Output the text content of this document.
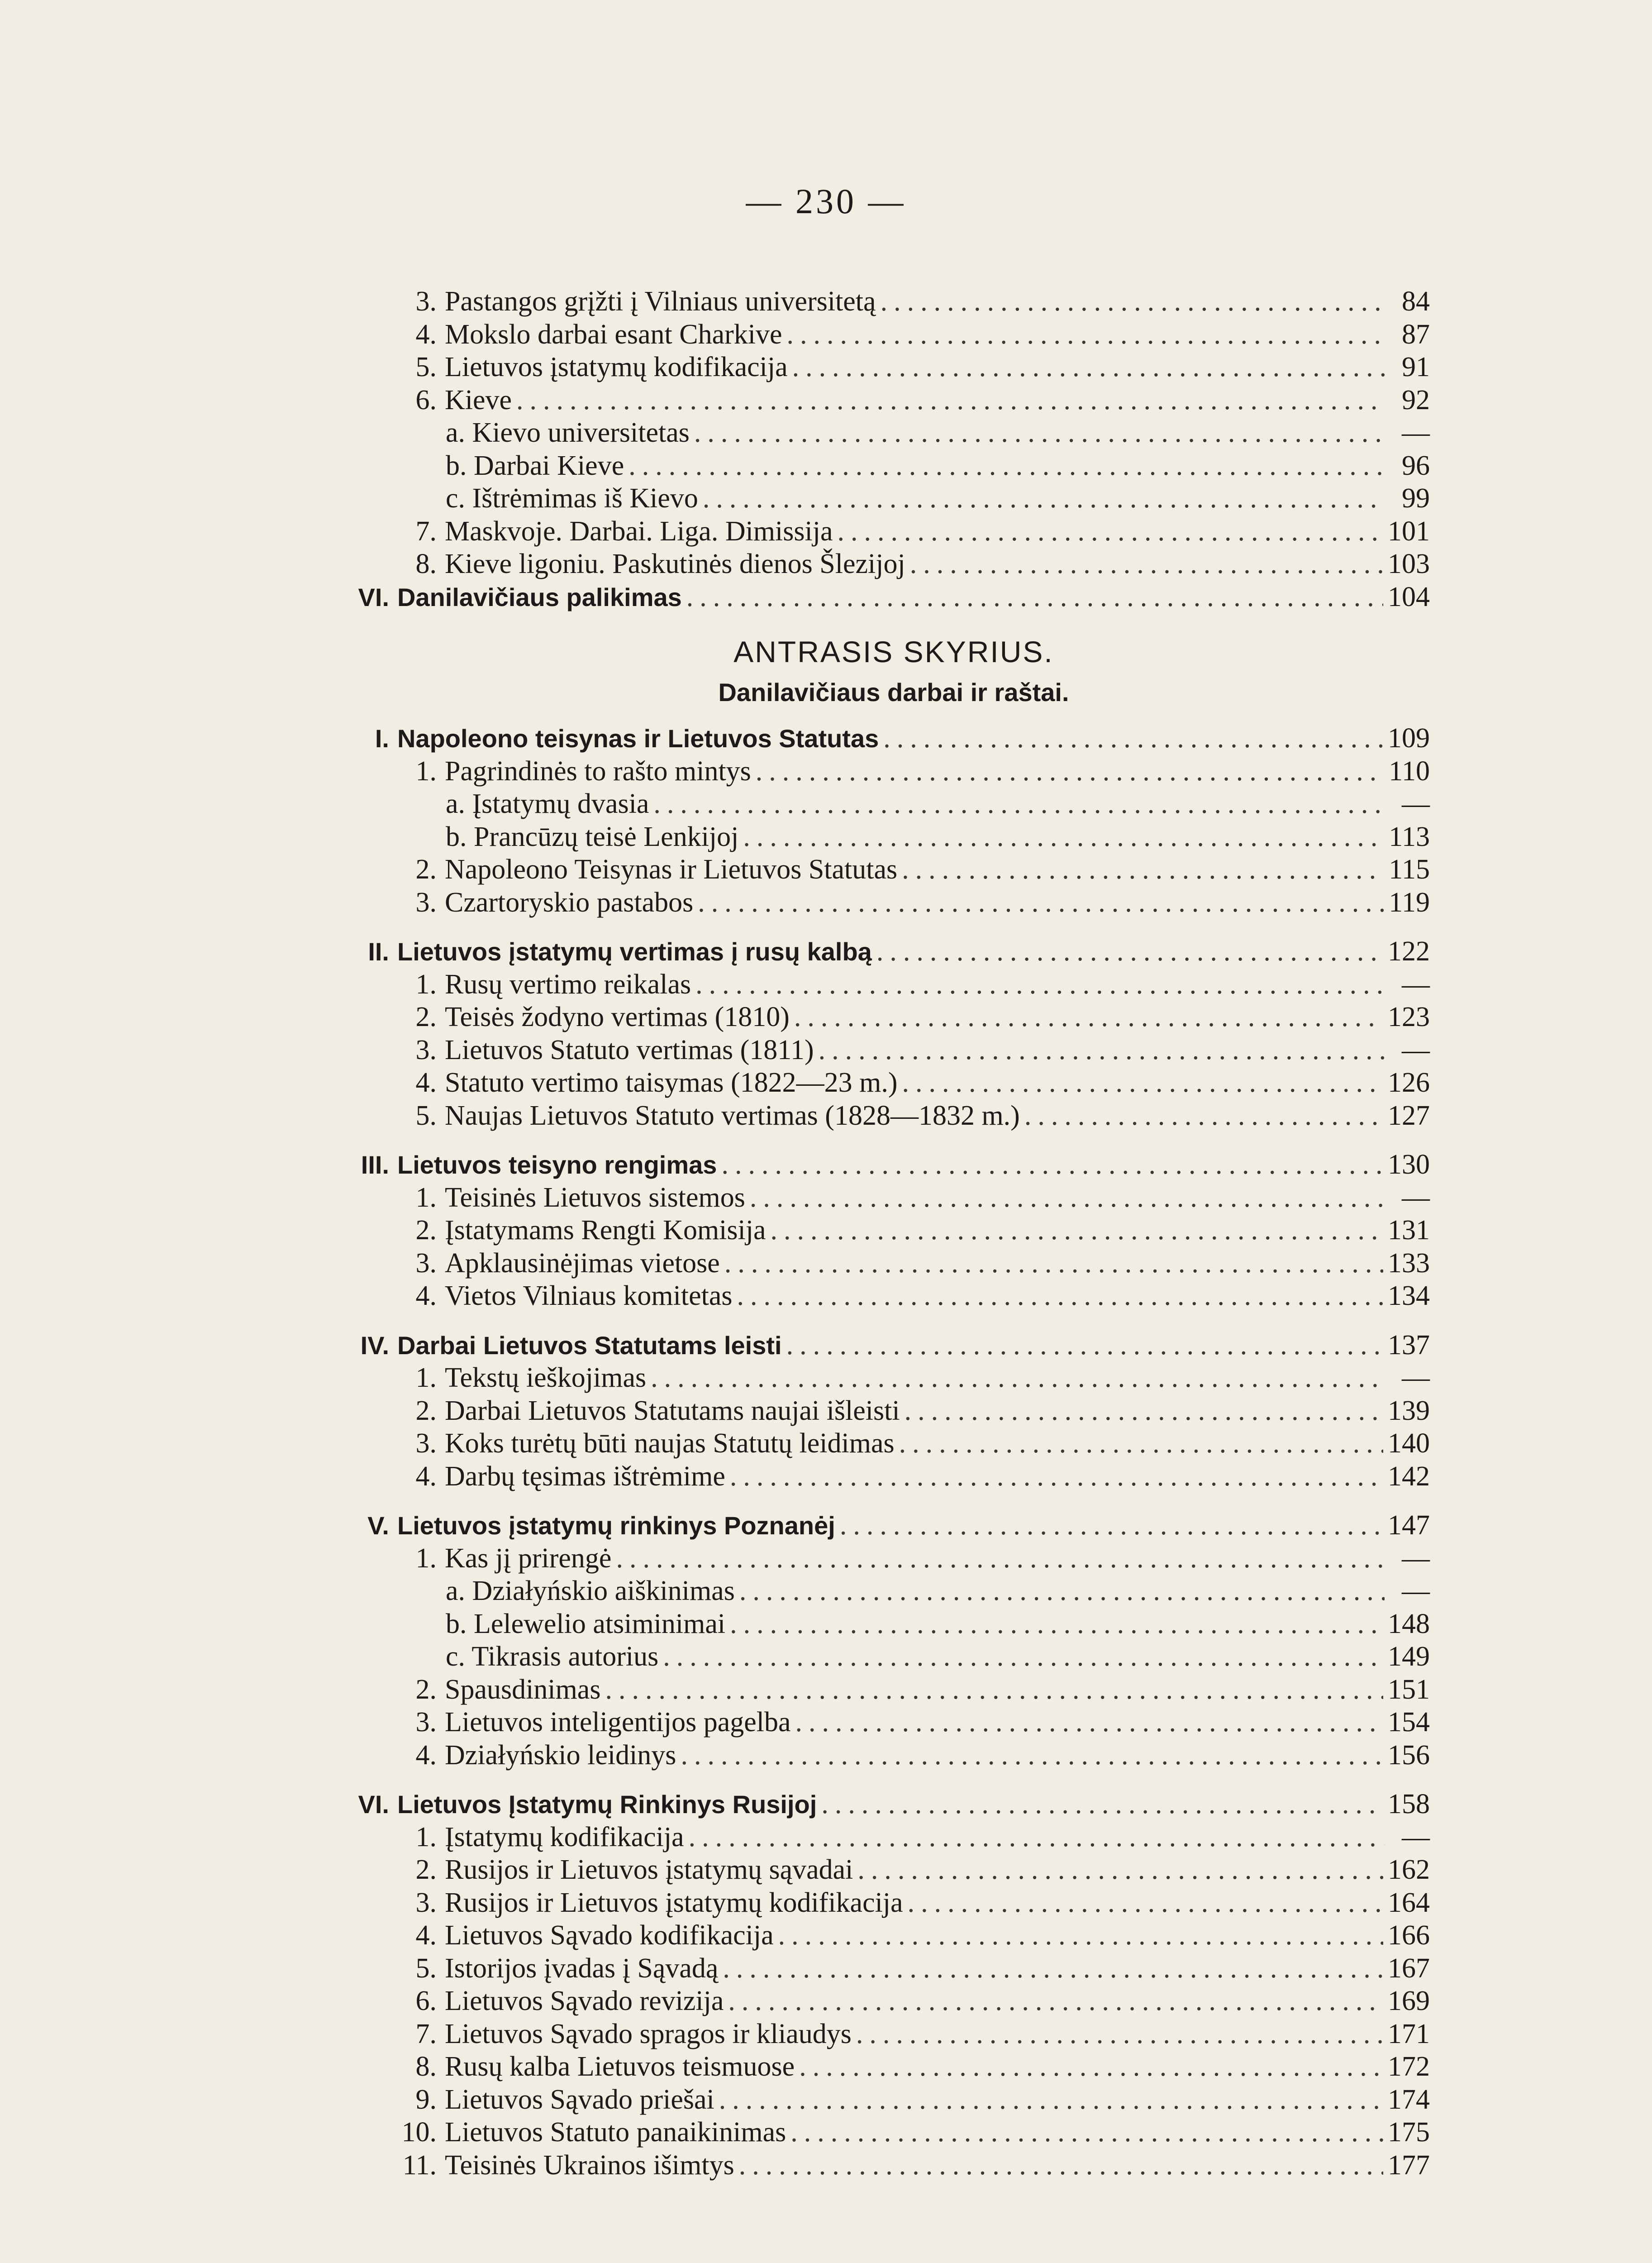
— 230 —
3. Pastangos grįžti į Vilniaus universitetą .....	84
4. Mokslo darbai esant Charkive .....	87
5. Lietuvos įstatymų kodifikacija .....	91
6. Kieve .....	92
a. Kievo universitetas .....	—
b. Darbai Kieve .....	96
c. Ištrėmimas iš Kievo .....	99
7. Maskvoje. Darbai. Liga. Dimissija .....	101
8. Kieve ligoniu. Paskutinės dienos Šlezijoj .....	103
VI. Danilavičiaus palikimas .....	104
ANTRASIS SKYRIUS.
Danilavičiaus darbai ir raštai.
I. Napoleono teisynas ir Lietuvos Statutas .....	109
1. Pagrindinės to rašto mintys .....	110
a. Įstatymų dvasia .....	—
b. Prancūzų teisė Lenkijoj .....	113
2. Napoleono Teisynas ir Lietuvos Statutas .....	115
3. Czartoryskio pastabos .....	119
II. Lietuvos įstatymų vertimas į rusų kalbą .....	122
1. Rusų vertimo reikalas .....	—
2. Teisės žodyno vertimas (1810) .....	123
3. Lietuvos Statuto vertimas (1811) .....	—
4. Statuto vertimo taisymas (1822—23 m.) .....	126
5. Naujas Lietuvos Statuto vertimas (1828—1832 m.) .....	127
III. Lietuvos teisyno rengimas .....	130
1. Teisinės Lietuvos sistemos .....	—
2. Įstatymams Rengti Komisija .....	131
3. Apklausinėjimas vietose .....	133
4. Vietos Vilniaus komitetas .....	134
IV. Darbai Lietuvos Statutams leisti .....	137
1. Tekstų ieškojimas .....	—
2. Darbai Lietuvos Statutams naujai išleisti .....	139
3. Koks turėtų būti naujas Statutų leidimas .....	140
4. Darbų tęsimas ištrėmime .....	142
V. Lietuvos įstatymų rinkinys Poznanėj .....	147
1. Kas jį prirengė .....	—
a. Działyńskio aiškinimas .....	—
b. Lelewelio atsiminimai .....	148
c. Tikrasis autorius .....	149
2. Spausdinimas .....	151
3. Lietuvos inteligentijos pagelba .....	154
4. Działyńskio leidinys .....	156
VI. Lietuvos Įstatymų Rinkinys Rusijoj .....	158
1. Įstatymų kodifikacija .....	—
2. Rusijos ir Lietuvos įstatymų sąvadai .....	162
3. Rusijos ir Lietuvos įstatymų kodifikacija .....	164
4. Lietuvos Sąvado kodifikacija .....	166
5. Istorijos įvadas į Sąvadą .....	167
6. Lietuvos Sąvado revizija .....	169
7. Lietuvos Sąvado spragos ir kliaudys .....	171
8. Rusų kalba Lietuvos teismuose .....	172
9. Lietuvos Sąvado priešai .....	174
10. Lietuvos Statuto panaikinimas .....	175
11. Teisinės Ukrainos išimtys .....	177
